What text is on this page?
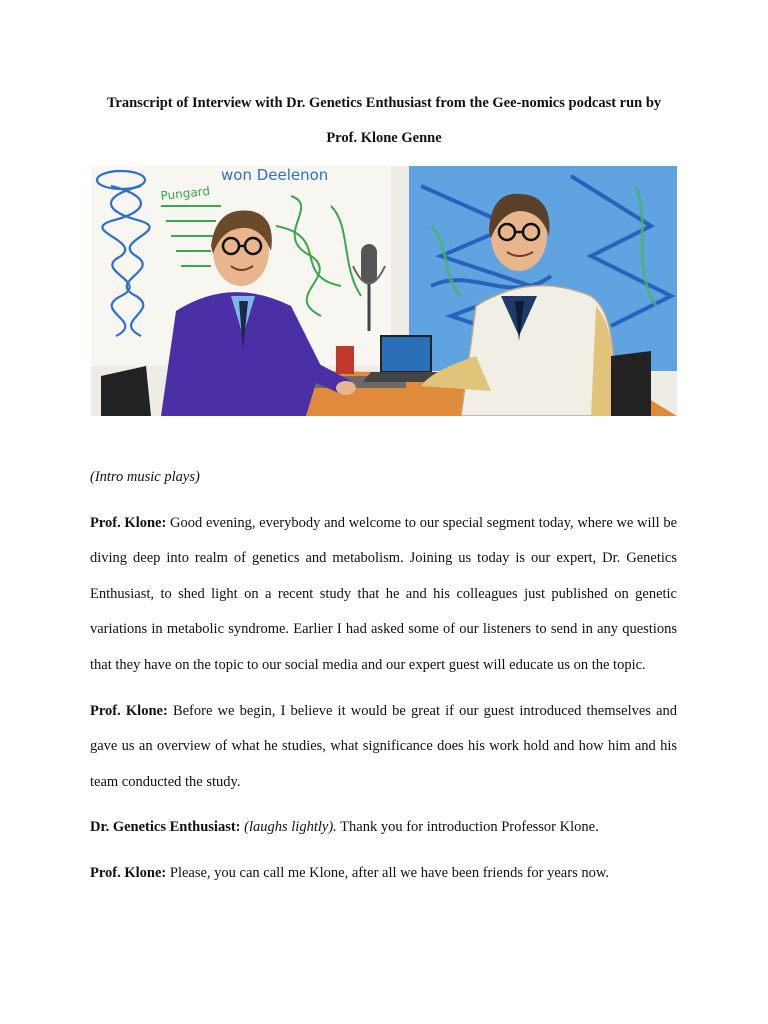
Transcript of Interview with Dr. Genetics Enthusiast from the Gee-nomics podcast run by
Prof. Klone Genne
won Deelenon
Pungard

(Intro music plays)

Prof. Klone: Good evening, everybody and welcome to our special segment today, where we will be diving deep into realm of genetics and metabolism. Joining us today is our expert, Dr. Genetics Enthusiast, to shed light on a recent study that he and his colleagues just published on genetic variations in metabolic syndrome. Earlier I had asked some of our listeners to send in any questions that they have on the topic to our social media and our expert guest will educate us on the topic.

Prof. Klone: Before we begin, I believe it would be great if our guest introduced themselves and gave us an overview of what he studies, what significance does his work hold and how him and his team conducted the study.

Dr. Genetics Enthusiast: (laughs lightly). Thank you for introduction Professor Klone.

Prof. Klone: Please, you can call me Klone, after all we have been friends for years now.
